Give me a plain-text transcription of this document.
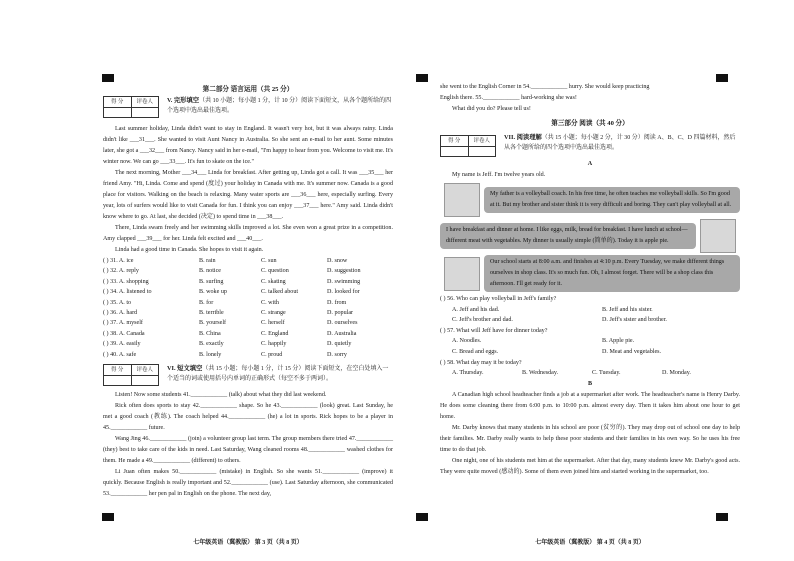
第二部分 语言运用（共 25 分）
得 分	评卷人	V. 完形填空（共 10 小题；每小题 1 分，计 10 分）阅读下面短文，从各个题所给的四个选项中选出最佳选项。

Last summer holiday, Linda didn't want to stay in England. It wasn't very hot, but it was always rainy. Linda didn't like ___31___. She wanted to visit Aunt Nancy in Australia. So she sent an e-mail to her aunt. Some minutes later, she got a ___32___ from Nancy. Nancy said in her e-mail, "I'm happy to hear from you. Welcome to visit me. It's winter now. We can go ___33___. It's fun to skate on the ice."

The next morning, Mother ___34___ Linda for breakfast. After getting up, Linda got a call. It was ___35___ her friend Amy. "Hi, Linda. Come and spend (度过) your holiday in Canada with me. It's summer now. Canada is a good place for visitors. Walking on the beach is relaxing. Many water sports are ___36___ here, especially surfing. Every year, lots of surfers would like to visit Canada for fun. I think you can enjoy ___37___ here." Amy said. Linda didn't know where to go. At last, she decided (决定) to spend time in ___38___.

There, Linda swam freely and her swimming skills improved a lot. She even won a great prize in a competition. Amy clapped ___39___ for her. Linda felt excited and ___40___.

Linda had a good time in Canada. She hopes to visit it again.

( ) 31. A. ice	B. rain	C. sun	D. snow
( ) 32. A. reply	B. notice	C. question	D. suggestion
( ) 33. A. shopping	B. surfing	C. skating	D. swimming
( ) 34. A. listened to	B. woke up	C. talked about	D. looked for
( ) 35. A. to	B. for	C. with	D. from
( ) 36. A. hard	B. terrible	C. strange	D. popular
( ) 37. A. myself	B. yourself	C. herself	D. ourselves
( ) 38. A. Canada	B. China	C. England	D. Australia
( ) 39. A. easily	B. exactly	C. happily	D. quietly
( ) 40. A. safe	B. lonely	C. proud	D. sorry
得 分	评卷人	VI. 短文填空（共 15 小题；每小题 1 分，计 15 分）阅读下面短文，在空白处填入一个适当的词或使用括号内单词的正确形式（每空不多于两词）。

Listen! Now some students 41.____________ (talk) about what they did last weekend.

Rick often does sports to stay 42.____________ shape. So he 43.____________ (look) great. Last Sunday, he met a good coach (教练). The coach helped 44.____________ (he) a lot in sports. Rick hopes to be a player in 45.____________ future.

Wang Jing 46.____________ (join) a volunteer group last term. The group members there tried 47.____________ (they) best to take care of the kids in need. Last Saturday, Wang cleaned rooms 48.____________ washed clothes for them. He made a 49.____________ (different) to others.

Li Juan often makes 50.____________ (mistake) in English. So she wants 51.____________ (improve) it quickly. Because English is really important and 52.____________ (use). Last Saturday afternoon, she communicated 53.____________ her pen pal in English on the phone. The next day,

七年级英语（冀教版） 第 3 页（共 8 页）
she went to the English Corner in 54.____________ hurry. She would keep practicing
English there. 55.____________ hard-working she was!
What did you do? Please tell us!
第三部分 阅读（共 40 分）
得 分	评卷人	VII. 阅读理解（共 15 小题；每小题 2 分，计 30 分）阅读 A、B、C、D 四篇材料，然后从各个题所给的四个选项中选出最佳选项。
A
My name is Jeff. I'm twelve years old.
My father is a volleyball coach. In his free time, he often teaches me volleyball skills. So I'm good at it. But my brother and sister think it is very difficult and boring. They can't play volleyball at all.
I have breakfast and dinner at home. I like eggs, milk, bread for breakfast. I have lunch at school—different meat with vegetables. My dinner is usually simple (简单的). Today it is apple pie.
Our school starts at 8:00 a.m. and finishes at 4:10 p.m. Every Tuesday, we make different things ourselves in shop class. It's so much fun. Oh, I almost forget. There will be a shop class this afternoon. I'll get ready for it.
( ) 56. Who can play volleyball in Jeff's family?
A. Jeff and his dad.	B. Jeff and his sister.
C. Jeff's brother and dad.	D. Jeff's sister and brother.
( ) 57. What will Jeff have for dinner today?
A. Noodles.	B. Apple pie.
C. Bread and eggs.	D. Meat and vegetables.
( ) 58. What day may it be today?
A. Thursday.	B. Wednesday.	C. Tuesday.	D. Monday.
B

A Canadian high school headteacher finds a job at a supermarket after work. The headteacher's name is Henry Darby. He does some cleaning there from 6:00 p.m. to 10:00 p.m. almost every day. Then it takes him about one hour to get home.

Mr. Darby knows that many students in his school are poor (贫穷的). They may drop out of school one day to help their families. Mr. Darby really wants to help these poor students and their families in his own way. So he uses his free time to do that job.

One night, one of his students met him at the supermarket. After that day, many students knew Mr. Darby's good acts. They were quite moved (感动的). Some of them even joined him and started working in the supermarket, too.

七年级英语（冀教版） 第 4 页（共 8 页）
